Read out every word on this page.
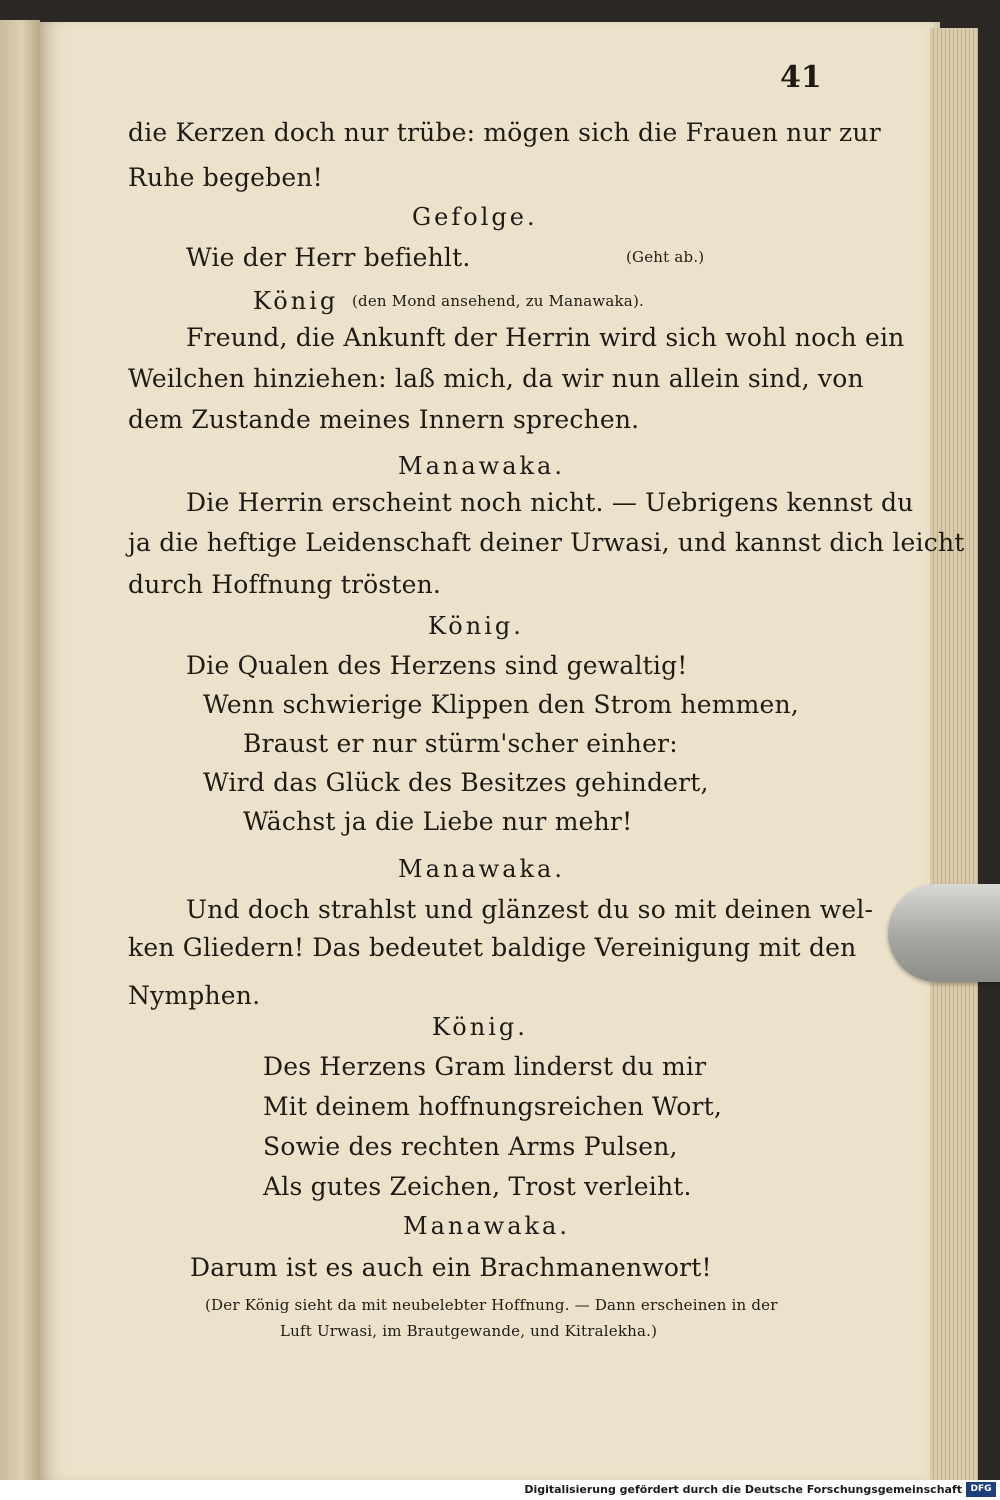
41
die Kerzen doch nur trübe: mögen sich die Frauen nur zur
Ruhe begeben!
Gefolge.
Wie der Herr befiehlt.	(Geht ab.)
König (den Mond ansehend, zu Manawaka).
Freund, die Ankunft der Herrin wird sich wohl noch ein
Weilchen hinziehen: laß mich, da wir nun allein sind, von
dem Zustande meines Innern sprechen.
Manawaka.
Die Herrin erscheint noch nicht. — Uebrigens kennst du
ja die heftige Leidenschaft deiner Urwasi, und kannst dich leicht
durch Hoffnung trösten.
König.
Die Qualen des Herzens sind gewaltig!
Wenn schwierige Klippen den Strom hemmen,
Braust er nur stürm'scher einher:
Wird das Glück des Besitzes gehindert,
Wächst ja die Liebe nur mehr!
Manawaka.
Und doch strahlst und glänzest du so mit deinen wel-
ken Gliedern! Das bedeutet baldige Vereinigung mit den
Nymphen.
König.
Des Herzens Gram linderst du mir
Mit deinem hoffnungsreichen Wort,
Sowie des rechten Arms Pulsen,
Als gutes Zeichen, Trost verleiht.
Manawaka.
Darum ist es auch ein Brachmanenwort!
(Der König sieht da mit neubelebter Hoffnung. — Dann erscheinen in der
Luft Urwasi, im Brautgewande, und Kitralekha.)
Digitalisierung gefördert durch die Deutsche Forschungsgemeinschaft DFG
